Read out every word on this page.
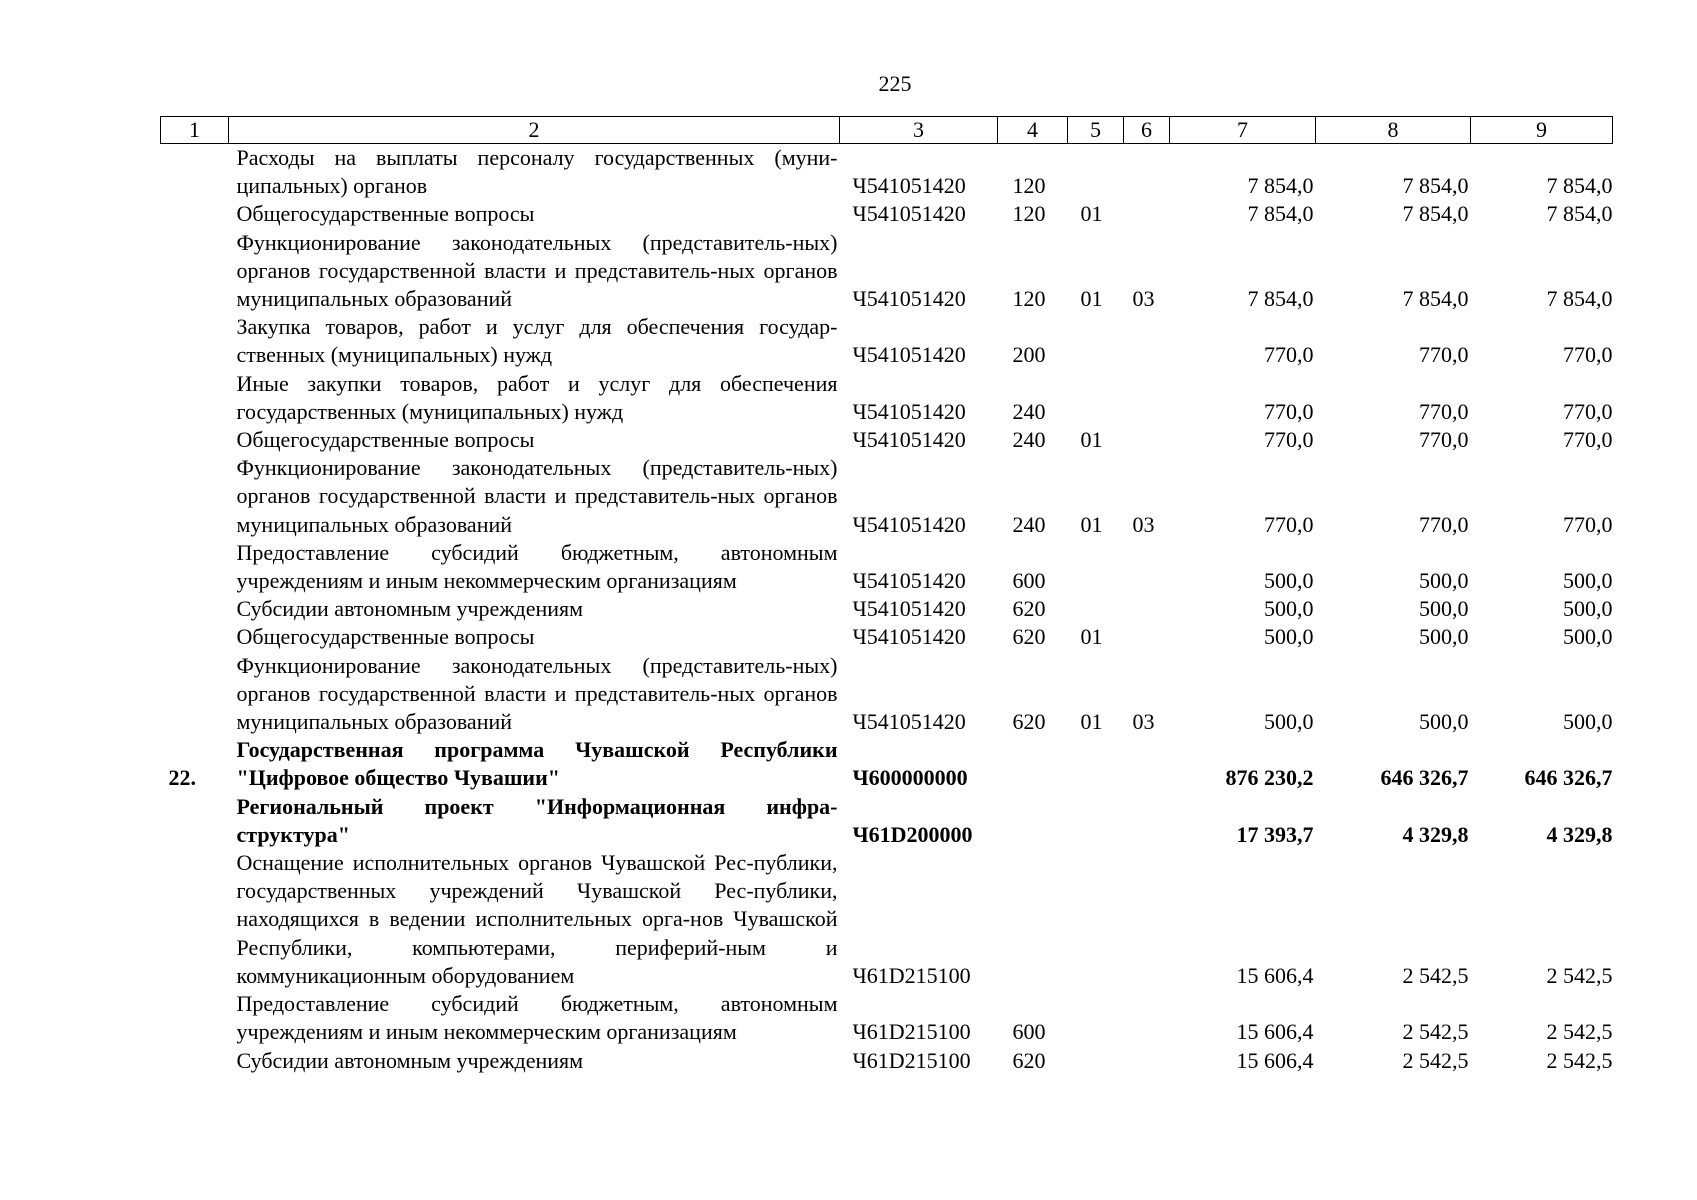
225
1	2	3	4	5	6	7	8	9

	Расходы на выплаты персоналу государственных (муни-ципальных) органов	Ч541051420	120			7 854,0	7 854,0	7 854,0

	Общегосударственные вопросы	Ч541051420	120	01		7 854,0	7 854,0	7 854,0

	Функционирование законодательных (представитель-ных) органов государственной власти и представитель-ных органов муниципальных образований	Ч541051420	120	01	03	7 854,0	7 854,0	7 854,0

	Закупка товаров, работ и услуг для обеспечения государ-ственных (муниципальных) нужд	Ч541051420	200			770,0	770,0	770,0

	Иные закупки товаров, работ и услуг для обеспечения государственных (муниципальных) нужд	Ч541051420	240			770,0	770,0	770,0

	Общегосударственные вопросы	Ч541051420	240	01		770,0	770,0	770,0

	Функционирование законодательных (представитель-ных) органов государственной власти и представитель-ных органов муниципальных образований	Ч541051420	240	01	03	770,0	770,0	770,0

	Предоставление субсидий бюджетным, автономным учреждениям и иным некоммерческим организациям	Ч541051420	600			500,0	500,0	500,0

	Субсидии автономным учреждениям	Ч541051420	620			500,0	500,0	500,0

	Общегосударственные вопросы	Ч541051420	620	01		500,0	500,0	500,0

	Функционирование законодательных (представитель-ных) органов государственной власти и представитель-ных органов муниципальных образований	Ч541051420	620	01	03	500,0	500,0	500,0
22.	Государственная программа Чувашской Республики "Цифровое общество Чувашии"	Ч600000000				876 230,2	646 326,7	646 326,7

	Региональный проект "Информационная инфра-структура"	Ч61D200000				17 393,7	4 329,8	4 329,8

	Оснащение исполнительных органов Чувашской Рес-публики, государственных учреждений Чувашской Рес-публики, находящихся в ведении исполнительных орга-нов Чувашской Республики, компьютерами, периферий-ным и коммуникационным оборудованием	Ч61D215100				15 606,4	2 542,5	2 542,5

	Предоставление субсидий бюджетным, автономным учреждениям и иным некоммерческим организациям	Ч61D215100	600			15 606,4	2 542,5	2 542,5

	Субсидии автономным учреждениям	Ч61D215100	620			15 606,4	2 542,5	2 542,5
